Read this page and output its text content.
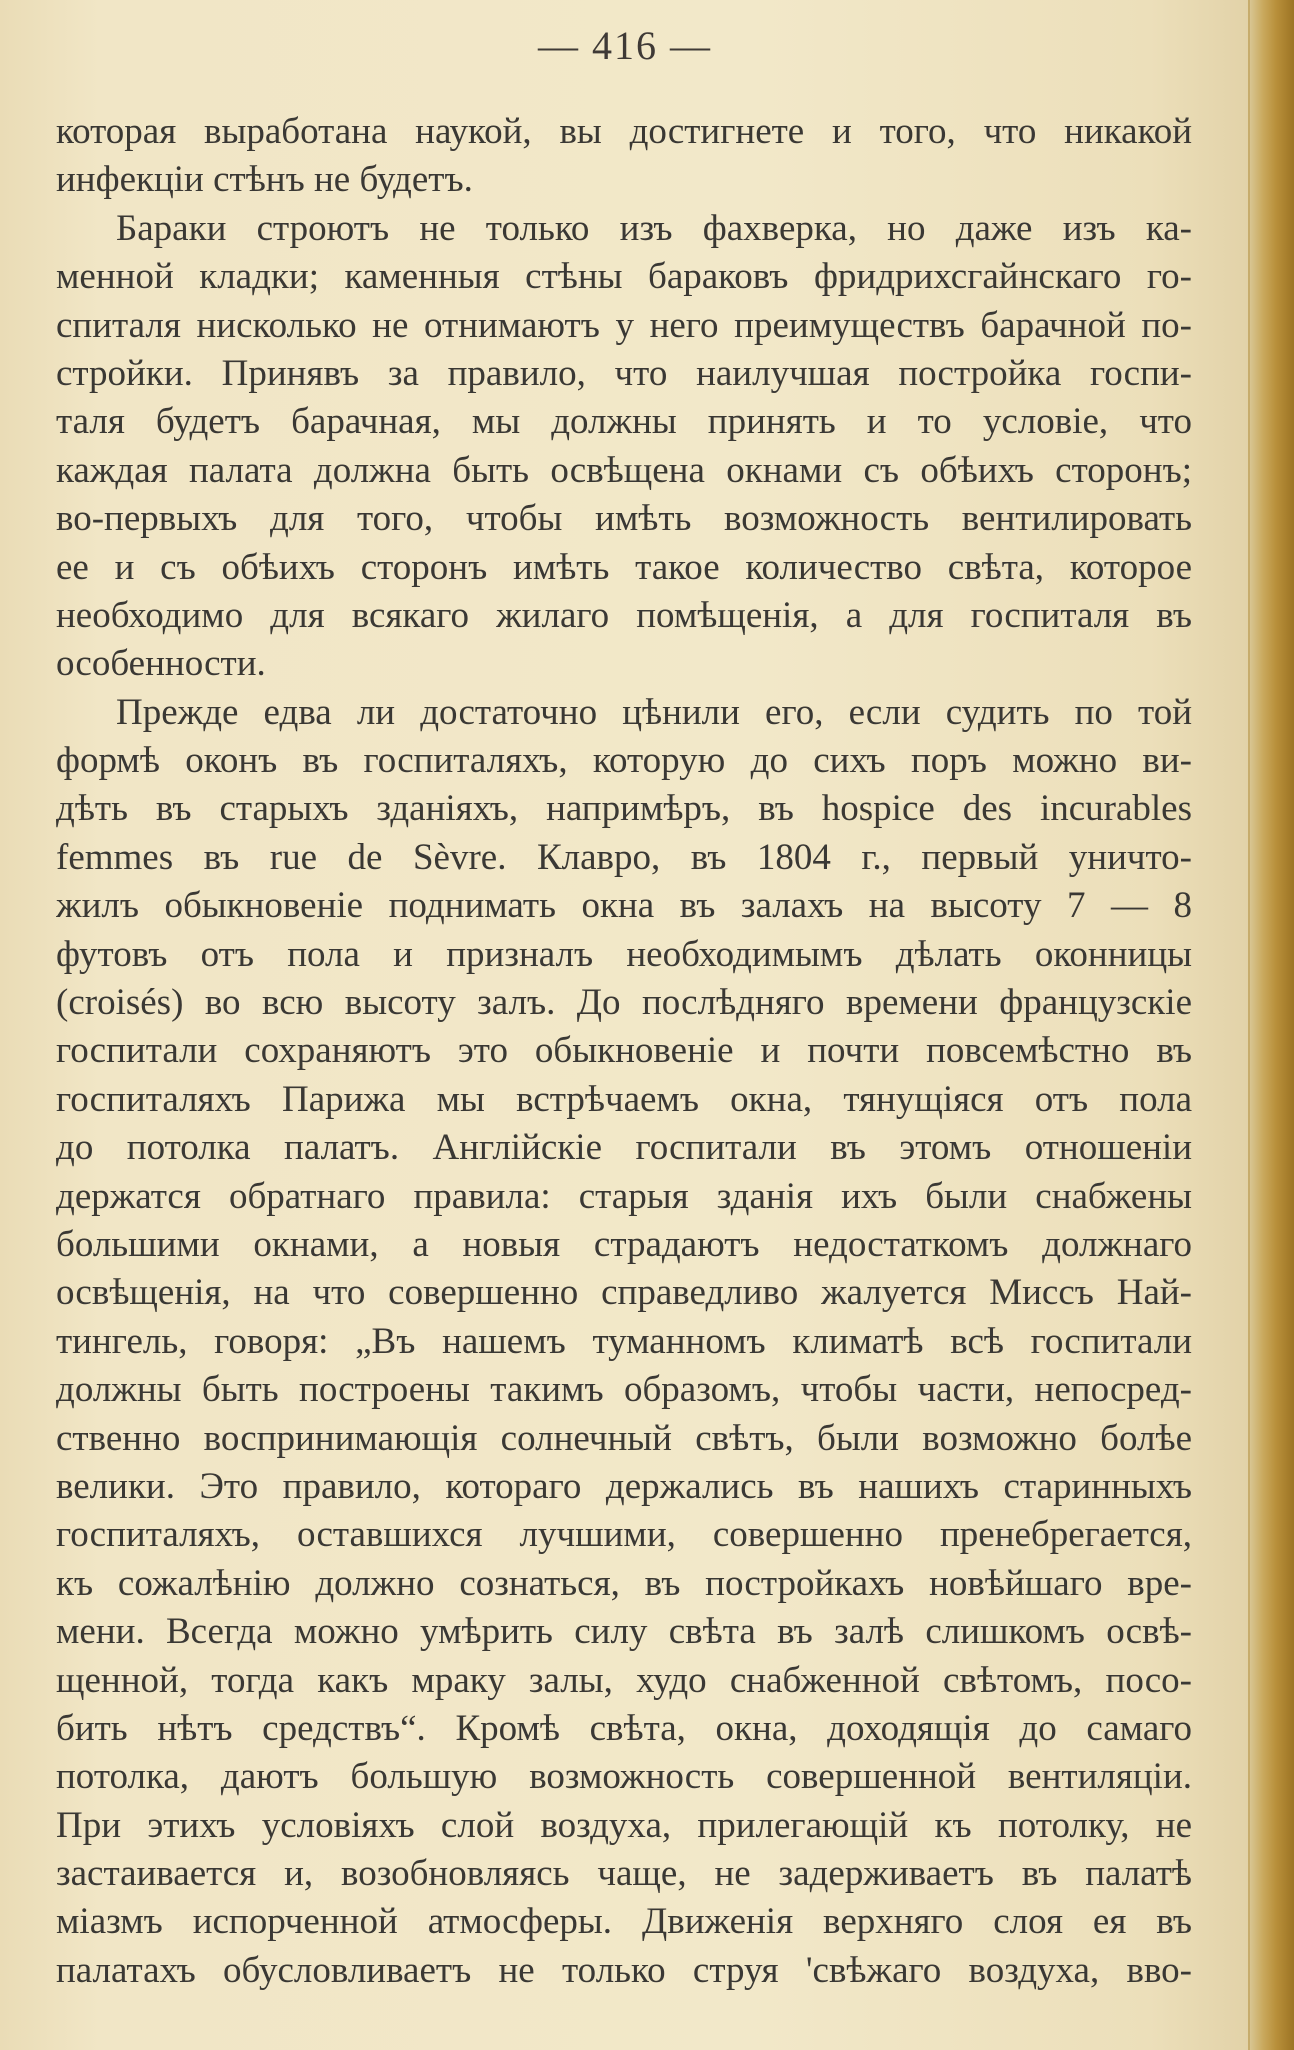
— 416 —
которая выработана наукой, вы достигнете и того, что никакой
инфекціи стѣнъ не будетъ.
Бараки строютъ не только изъ фахверка, но даже изъ ка-
менной кладки; каменныя стѣны бараковъ фридрихсгайнскаго го-
спиталя нисколько не отнимаютъ у него преимуществъ барачной по-
стройки. Принявъ за правило, что наилучшая постройка госпи-
таля будетъ барачная, мы должны принять и то условіе, что
каждая палата должна быть освѣщена окнами съ обѣихъ сторонъ;
во-первыхъ для того, чтобы имѣть возможность вентилировать
ее и съ обѣихъ сторонъ имѣть такое количество свѣта, которое
необходимо для всякаго жилаго помѣщенія, а для госпиталя въ
особенности.
Прежде едва ли достаточно цѣнили его, если судить по той
формѣ оконъ въ госпиталяхъ, которую до сихъ поръ можно ви-
дѣть въ старыхъ зданіяхъ, напримѣръ, въ hospice des incurables
femmes въ rue de Sèvre. Клавро, въ 1804 г., первый уничто-
жилъ обыкновеніе поднимать окна въ залахъ на высоту 7 — 8
футовъ отъ пола и призналъ необходимымъ дѣлать оконницы
(croisés) во всю высоту залъ. До послѣдняго времени французскіе
госпитали сохраняютъ это обыкновеніе и почти повсемѣстно въ
госпиталяхъ Парижа мы встрѣчаемъ окна, тянущіяся отъ пола
до потолка палатъ. Англійскіе госпитали въ этомъ отношеніи
держатся обратнаго правила: старыя зданія ихъ были снабжены
большими окнами, а новыя страдаютъ недостаткомъ должнаго
освѣщенія, на что совершенно справедливо жалуется Миссъ Най-
тингель, говоря: „Въ нашемъ туманномъ климатѣ всѣ госпитали
должны быть построены такимъ образомъ, чтобы части, непосред-
ственно воспринимающія солнечный свѣтъ, были возможно болѣе
велики. Это правило, котораго держались въ нашихъ старинныхъ
госпиталяхъ, оставшихся лучшими, совершенно пренебрегается,
къ сожалѣнію должно сознаться, въ постройкахъ новѣйшаго вре-
мени. Всегда можно умѣрить силу свѣта въ залѣ слишкомъ освѣ-
щенной, тогда какъ мраку залы, худо снабженной свѣтомъ, посо-
бить нѣтъ средствъ“. Кромѣ свѣта, окна, доходящія до самаго
потолка, даютъ большую возможность совершенной вентиляціи.
При этихъ условіяхъ слой воздуха, прилегающій къ потолку, не
застаивается и, возобновляясь чаще, не задерживаетъ въ палатѣ
міазмъ испорченной атмосферы. Движенія верхняго слоя ея въ
палатахъ обусловливаетъ не только струя 'свѣжаго воздуха, вво-
